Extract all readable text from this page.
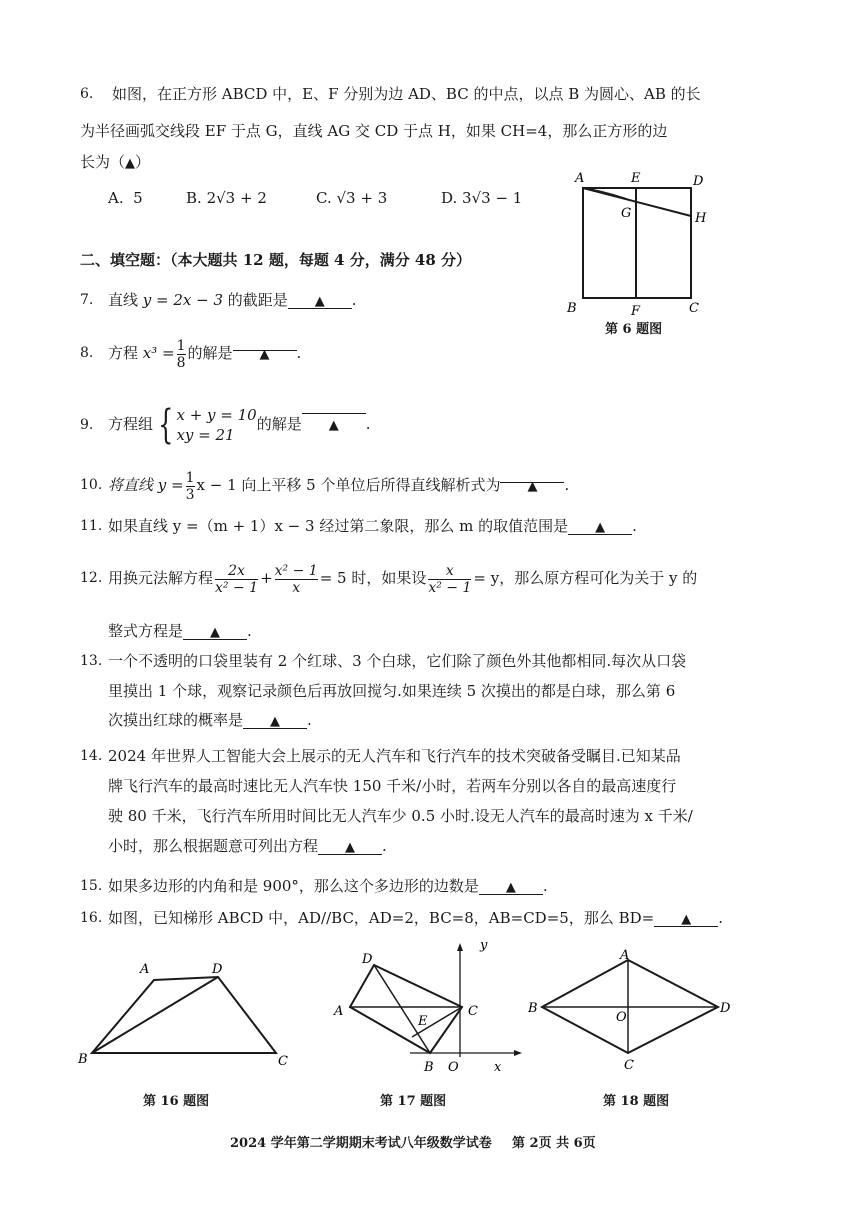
6. 如图，在正方形 ABCD 中，E、F 分别为边 AD、BC 的中点，以点 B 为圆心、AB 的长
为半径画弧交线段 EF 于点 G，直线 AG 交 CD 于点 H，如果 CH=4，那么正方形的边
长为（▲）
A. 5	B. 2√3 + 2	C. √3 + 3	D. 3√3 − 1
A	E	D
G	H
B	F	C
第 6 题图
二、填空题：（本大题共 12 题，每题 4 分，满分 48 分）
7. 直线 y = 2x − 3 的截距是 ▲ .
8. 方程 $x^3 = \frac{1}{8}$ 的解是 ▲ .
9. 方程组 { x + y = 10
xy = 21
的解是 ▲ .
10. 将直线 $y = \frac{1}{3}$ x − 1 向上平移 5 个单位后所得直线解析式为 ▲ .
11. 如果直线 y =（m + 1）x − 3 经过第二象限，那么 m 的取值范围是 ▲ .
12. 用换元法解方程 $\frac{2x}{\text{x² − 1}} + \frac{\text{x² − 1}}{x} = 5$ 时，如果设 $\frac{x}{\text{x² − 1}} = y$，那么原方程可化为关于 y 的
整式方程是 ▲ .
13. 一个不透明的口袋里装有 2 个红球、3 个白球，它们除了颜色外其他都相同.每次从口袋
里摸出 1 个球，观察记录颜色后再放回搅匀.如果连续 5 次摸出的都是白球，那么第 6
次摸出红球的概率是 ▲ .
14. 2024 年世界人工智能大会上展示的无人汽车和飞行汽车的技术突破备受瞩目.已知某品
牌飞行汽车的最高时速比无人汽车快 150 千米/小时，若两车分别以各自的最高速度行
驶 80 千米，飞行汽车所用时间比无人汽车少 0.5 小时.设无人汽车的最高时速为 x 千米/
小时，那么根据题意可列出方程 ▲ .
15. 如果多边形的内角和是 900°，那么这个多边形的边数是 ▲ .
16. 如图，已知梯形 ABCD 中，AD//BC，AD=2，BC=8，AB=CD=5，那么 BD= ▲ .
A	D
B	C
第 16 题图
y
D
A
E
C
B O	x
第 17 题图
A
B
O
D
C
第 18 题图
2024 学年第二学期期末考试八年级数学试卷 第 2页 共 6页
